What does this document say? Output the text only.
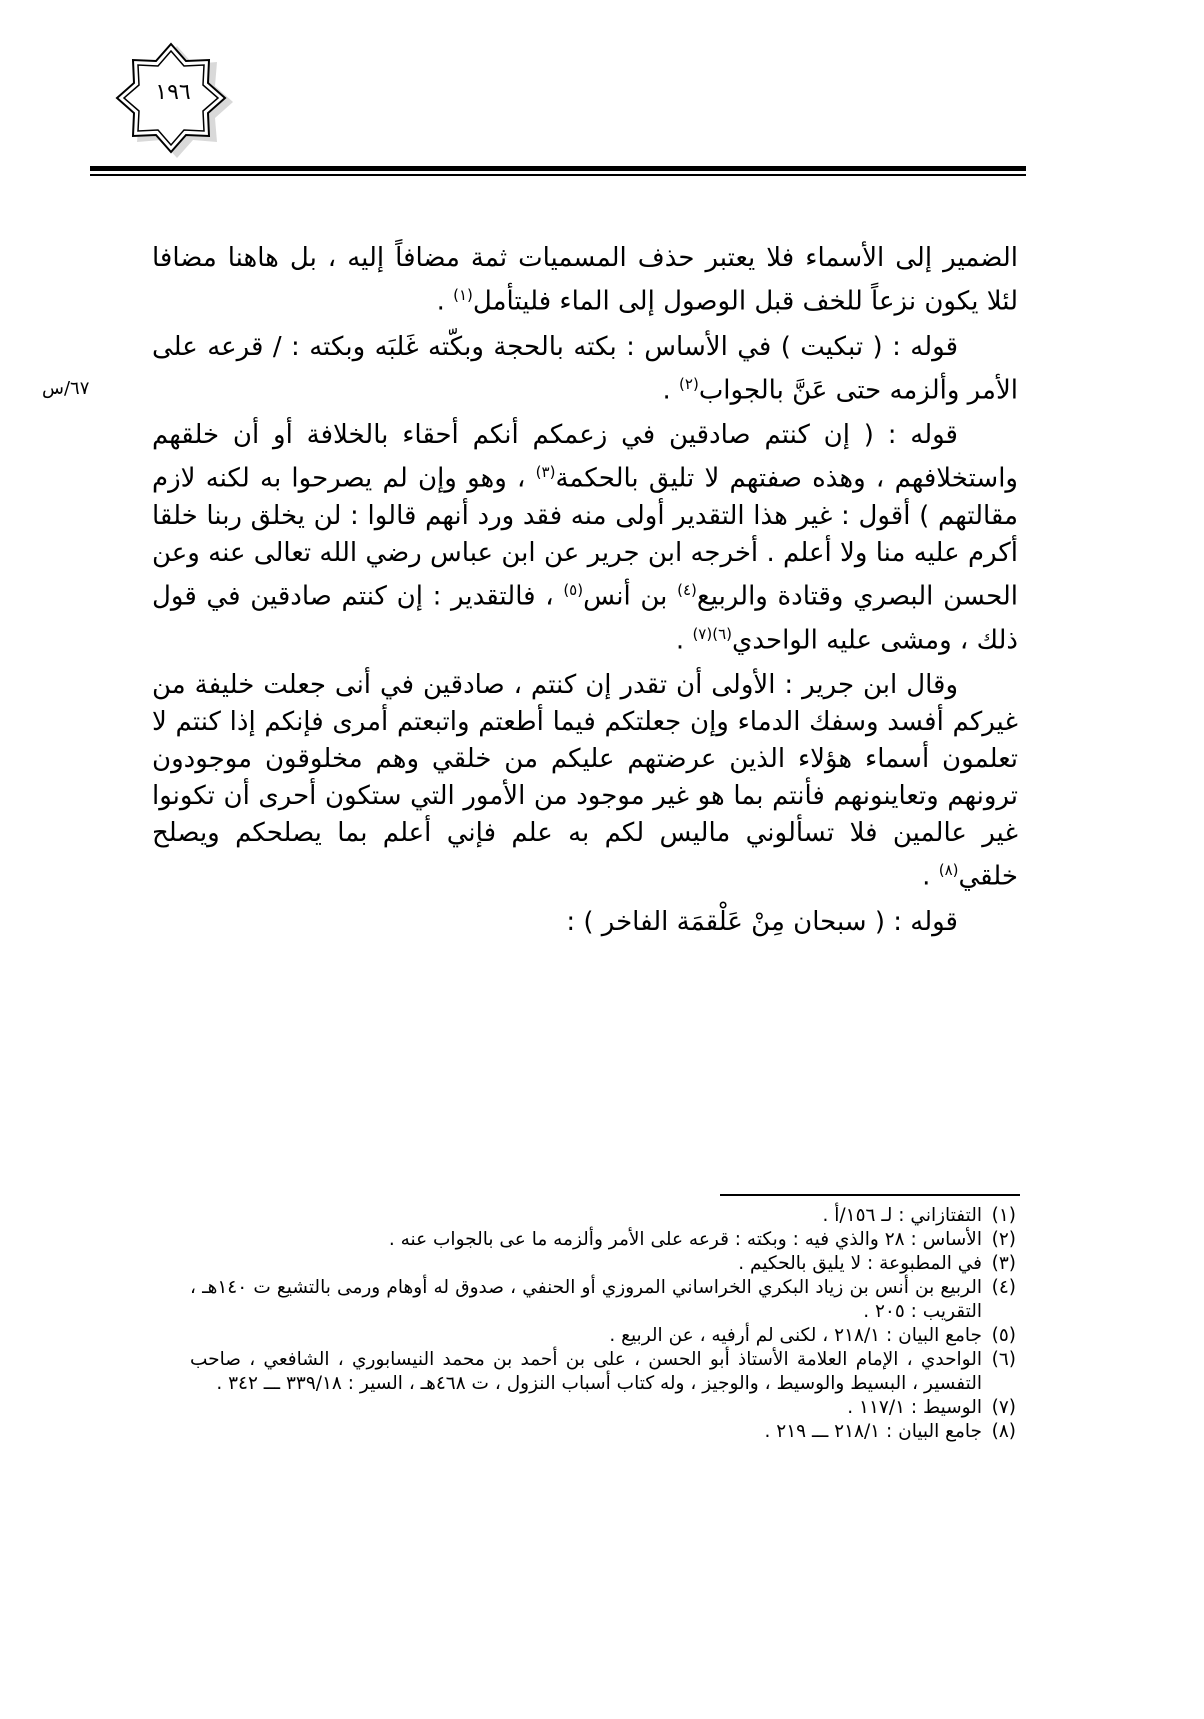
١٩٦
٦٧/س

الضمير إلى الأسماء فلا يعتبر حذف المسميات ثمة مضافاً إليه ، بل هاهنا مضافا لئلا يكون نزعاً للخف قبل الوصول إلى الماء فليتأمل$^{(١)}$ .

قوله : ( تبكيت ) في الأساس : بكته بالحجة وبكّته غَلبَه وبكته : / قرعه على الأمر وألزمه حتى عَنَّ بالجواب$^{(٢)}$ .

قوله : ( إن كنتم صادقين في زعمكم أنكم أحقاء بالخلافة أو أن خلقهم واستخلافهم ، وهذه صفتهم لا تليق بالحكمة$^{(٣)}$ ، وهو وإن لم يصرحوا به لكنه لازم مقالتهم ) أقول : غير هذا التقدير أولى منه فقد ورد أنهم قالوا : لن يخلق ربنا خلقا أكرم عليه منا ولا أعلم . أخرجه ابن جرير عن ابن عباس رضي الله تعالى عنه وعن الحسن البصري وقتادة والربيع$^{(٤)}$ بن أنس$^{(٥)}$ ، فالتقدير : إن كنتم صادقين في قول ذلك ، ومشى عليه الواحدي$^{(٦)(٧)}$ .

وقال ابن جرير : الأولى أن تقدر إن كنتم ، صادقين في أنى جعلت خليفة من غيركم أفسد وسفك الدماء وإن جعلتكم فيما أطعتم واتبعتم أمرى فإنكم إذا كنتم لا تعلمون أسماء هؤلاء الذين عرضتهم عليكم من خلقي وهم مخلوقون موجودون ترونهم وتعاينونهم فأنتم بما هو غير موجود من الأمور التي ستكون أحرى أن تكونوا غير عالمين فلا تسألوني ماليس لكم به علم فإني أعلم بما يصلحكم ويصلح خلقي$^{(٨)}$ .

قوله : ( سبحان مِنْ عَلْقمَة الفاخر ) :

(١)
التفتازاني : لـ ١٥٦/أ .

(٢)
الأساس : ٢٨ والذي فيه : وبكته : قرعه على الأمر وألزمه ما عى بالجواب عنه .

(٣)
في المطبوعة : لا يليق بالحكيم .

(٤)
الربيع بن أنس بن زياد البكري الخراساني المروزي أو الحنفي ، صدوق له أوهام ورمى بالتشيع ت ١٤٠هـ ، التقريب : ٢٠٥ .

(٥)
جامع البيان : ٢١٨/١ ، لكنى لم أرفيه ، عن الربيع .

(٦)
الواحدي ، الإمام العلامة الأستاذ أبو الحسن ، على بن أحمد بن محمد النيسابوري ، الشافعي ، صاحب التفسير ، البسيط والوسيط ، والوجيز ، وله كتاب أسباب النزول ، ت ٤٦٨هـ ، السير : ٣٣٩/١٨ ـــ ٣٤٢ .

(٧)
الوسيط : ١١٧/١ .

(٨)
جامع البيان : ٢١٨/١ ـــ ٢١٩ .
